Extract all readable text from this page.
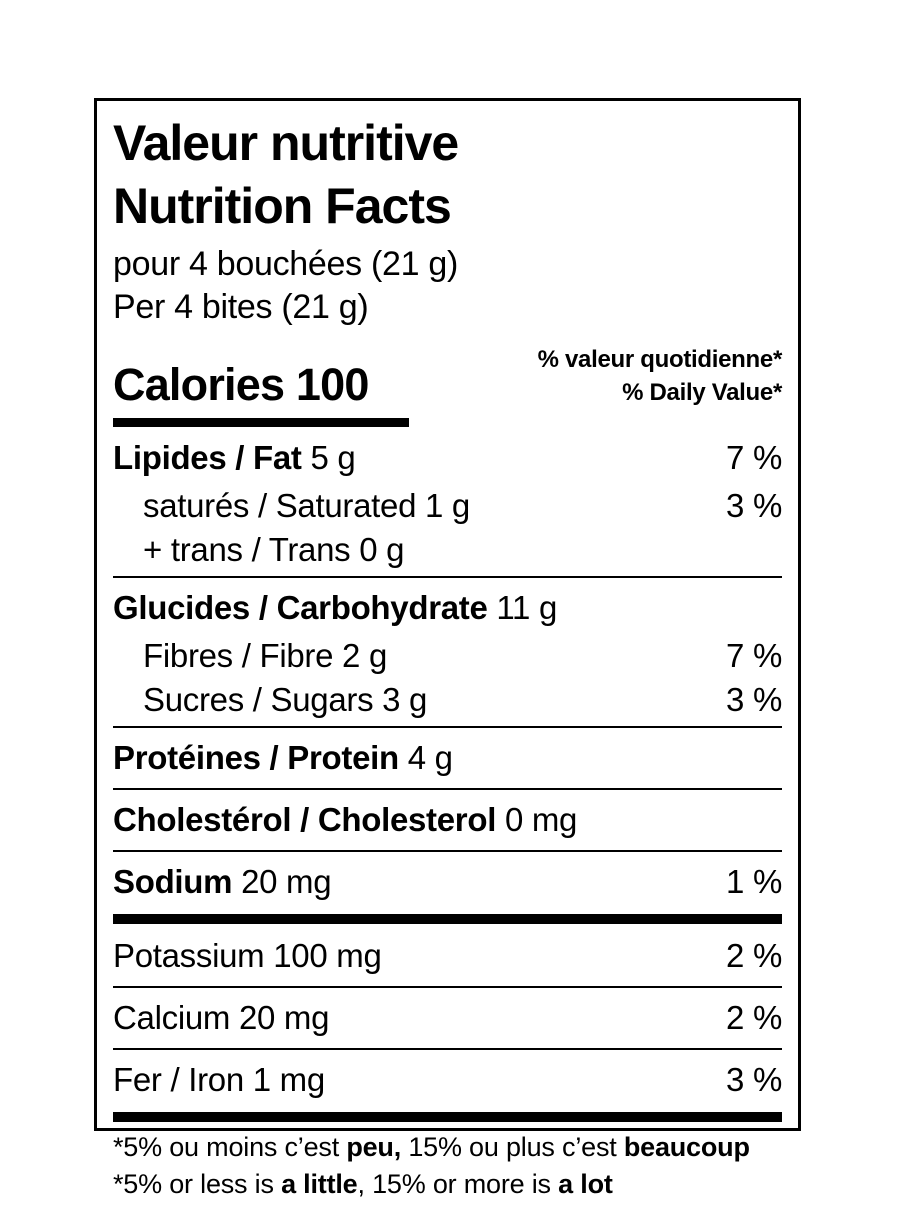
Valeur nutritive
Nutrition Facts
pour 4 bouchées (21 g)
Per 4 bites (21 g)
Calories 100	% valeur quotidienne*
% Daily Value*
Lipides / Fat 5 g	7 %
saturés / Saturated 1 g	3 %
+ trans / Trans 0 g
Glucides / Carbohydrate 11 g
Fibres / Fibre 2 g	7 %
Sucres / Sugars 3 g	3 %
Protéines / Protein 4 g
Cholestérol / Cholesterol 0 mg
Sodium 20 mg	1 %
Potassium 100 mg	2 %
Calcium 20 mg	2 %
Fer / Iron 1 mg	3 %
*5% ou moins c’est peu, 15% ou plus c’est beaucoup
*5% or less is a little, 15% or more is a lot
